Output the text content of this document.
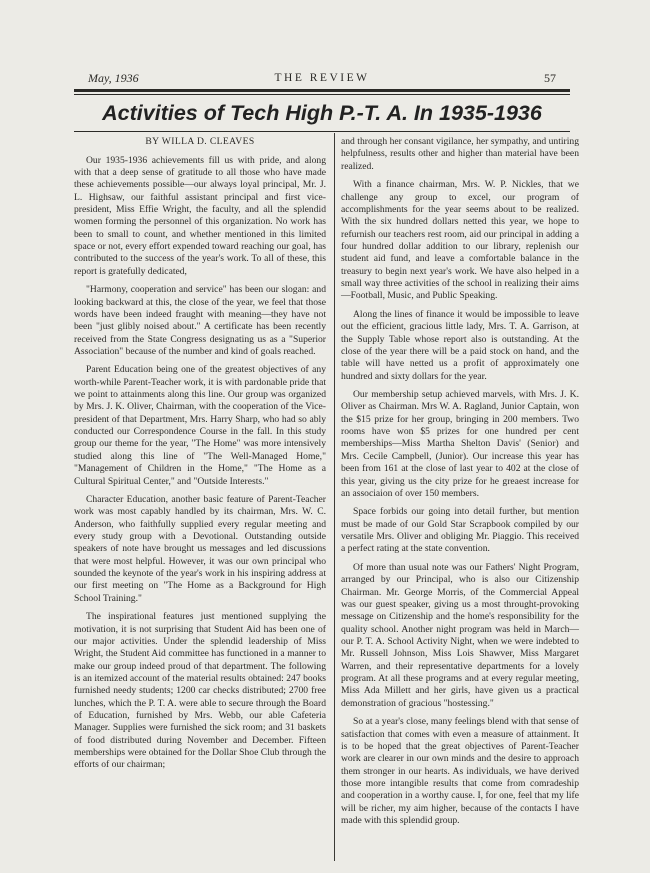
May, 1936	THE REVIEW	57
Activities of Tech High P.-T. A. In 1935-1936

BY WILLA D. CLEAVES

Our 1935-1936 achievements fill us with pride, and along with that a deep sense of gratitude to all those who have made these achievements possible—our always loyal principal, Mr. J. L. Highsaw, our faithful assistant principal and first vice-president, Miss Effie Wright, the faculty, and all the splendid women forming the personnel of this organization. No work has been to small to count, and whether mentioned in this limited space or not, every effort expended toward reaching our goal, has contributed to the success of the year's work. To all of these, this report is gratefully dedicated,

"Harmony, cooperation and service" has been our slogan: and looking backward at this, the close of the year, we feel that those words have been indeed fraught with meaning—they have not been "just glibly noised about." A certificate has been recently received from the State Congress designating us as a "Superior Association" because of the number and kind of goals reached.

Parent Education being one of the greatest objectives of any worth-while Parent-Teacher work, it is with pardonable pride that we point to attainments along this line. Our group was organized by Mrs. J. K. Oliver, Chairman, with the cooperation of the Vice-president of that Department, Mrs. Harry Sharp, who had so ably conducted our Correspondence Course in the fall. In this study group our theme for the year, "The Home" was more intensively studied along this line of "The Well-Managed Home," "Management of Children in the Home," "The Home as a Cultural Spiritual Center," and "Outside Interests."

Character Education, another basic feature of Parent-Teacher work was most capably handled by its chairman, Mrs. W. C. Anderson, who faithfully supplied every regular meeting and every study group with a Devotional. Outstanding outside speakers of note have brought us messages and led discussions that were most helpful. However, it was our own principal who sounded the keynote of the year's work in his inspiring address at our first meeting on "The Home as a Background for High School Training."

The inspirational features just mentioned supplying the motivation, it is not surprising that Student Aid has been one of our major activities. Under the splendid leadership of Miss Wright, the Student Aid committee has functioned in a manner to make our group indeed proud of that department. The following is an itemized account of the material results obtained: 247 books furnished needy students; 1200 car checks distributed; 2700 free lunches, which the P. T. A. were able to secure through the Board of Education, furnished by Mrs. Webb, our able Cafeteria Manager. Supplies were furnished the sick room; and 31 baskets of food distributed during November and December. Fifteen memberships were obtained for the Dollar Shoe Club through the efforts of our chairman;

and through her consant vigilance, her sympathy, and untiring helpfulness, results other and higher than material have been realized.

With a finance chairman, Mrs. W. P. Nickles, that we challenge any group to excel, our program of accomplishments for the year seems about to be realized. With the six hundred dollars netted this year, we hope to refurnish our teachers rest room, aid our principal in adding a four hundred dollar addition to our library, replenish our student aid fund, and leave a comfortable balance in the treasury to begin next year's work. We have also helped in a small way three activities of the school in realizing their aims—Football, Music, and Public Speaking.

Along the lines of finance it would be impossible to leave out the efficient, gracious little lady, Mrs. T. A. Garrison, at the Supply Table whose report also is outstanding. At the close of the year there will be a paid stock on hand, and the table will have netted us a profit of approximately one hundred and sixty dollars for the year.

Our membership setup achieved marvels, with Mrs. J. K. Oliver as Chairman. Mrs W. A. Ragland, Junior Captain, won the $15 prize for her group, bringing in 200 members. Two rooms have won $5 prizes for one hundred per cent memberships—Miss Martha Shelton Davis' (Senior) and Mrs. Cecile Campbell, (Junior). Our increase this year has been from 161 at the close of last year to 402 at the close of this year, giving us the city prize for he greaest increase for an associaion of over 150 members.

Space forbids our going into detail further, but mention must be made of our Gold Star Scrapbook compiled by our versatile Mrs. Oliver and obliging Mr. Piaggio. This received a perfect rating at the state convention.

Of more than usual note was our Fathers' Night Program, arranged by our Principal, who is also our Citizenship Chairman. Mr. George Morris, of the Commercial Appeal was our guest speaker, giving us a most throught-provoking message on Citizenship and the home's responsibility for the quality school. Another night program was held in March—our P. T. A. School Activity Night, when we were indebted to Mr. Russell Johnson, Miss Lois Shawver, Miss Margaret Warren, and their representative departments for a lovely program. At all these programs and at every regular meeting, Miss Ada Millett and her girls, have given us a practical demonstration of gracious "hostessing."

So at a year's close, many feelings blend with that sense of satisfaction that comes with even a measure of attainment. It is to be hoped that the great objectives of Parent-Teacher work are clearer in our own minds and the desire to approach them stronger in our hearts. As individuals, we have derived those more intangible results that come from comradeship and cooperation in a worthy cause. I, for one, feel that my life will be richer, my aim higher, because of the contacts I have made with this splendid group.
